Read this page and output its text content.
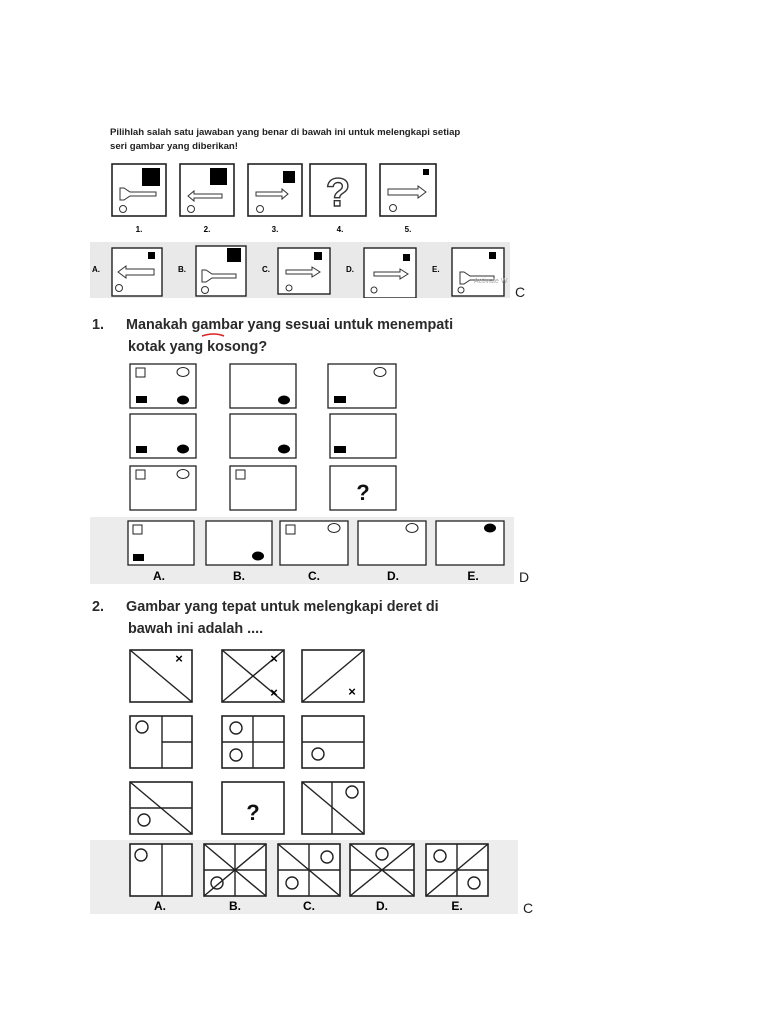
Pilihlah salah satu jawaban yang benar di bawah ini untuk melengkapi setiap
seri gambar yang diberikan!
?
1.	2.	3.	4.	5.
A.	B.	C.	D.	E.
Activate W
C
1. Manakah gambar yang sesuai untuk menempati
kotak yang kosong?
?
A.	B.	C.	D.	E.	D
2. Gambar yang tepat untuk melengkapi deret di
bawah ini adalah ....
×	×
×	×
?
A.	B.	C.	D.	E.	C
